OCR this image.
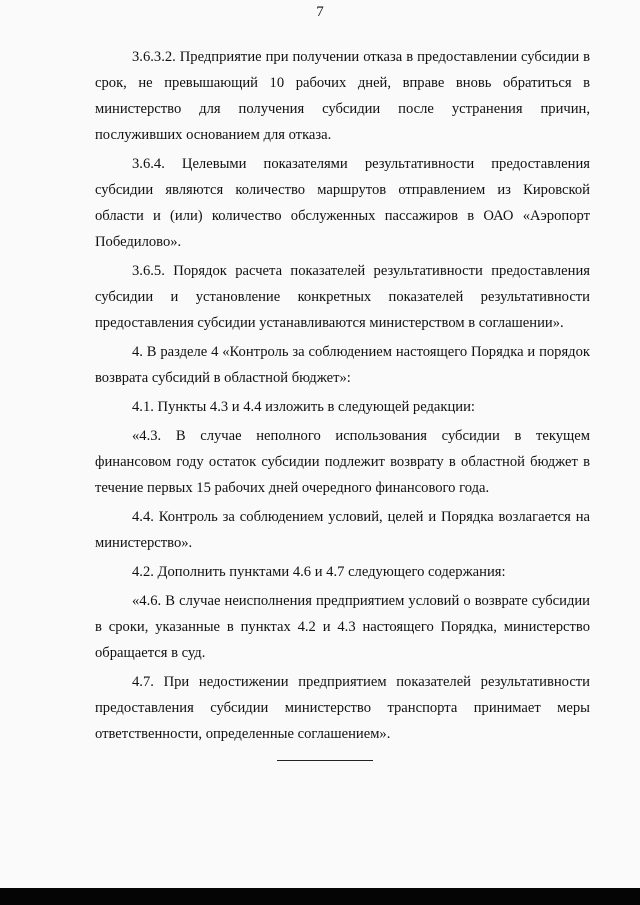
7

3.6.3.2. Предприятие при получении отказа в предоставлении субсидии в срок, не превышающий 10 рабочих дней, вправе вновь обратиться в министерство для получения субсидии после устранения причин, послуживших основанием для отказа.

3.6.4. Целевыми показателями результативности предоставления субсидии являются количество маршрутов отправлением из Кировской области и (или) количество обслуженных пассажиров в ОАО «Аэропорт Победилово».

3.6.5. Порядок расчета показателей результативности предоставления субсидии и установление конкретных показателей результативности предоставления субсидии устанавливаются министерством в соглашении».

4. В разделе 4 «Контроль за соблюдением настоящего Порядка и порядок возврата субсидий в областной бюджет»:

4.1. Пункты 4.3 и 4.4 изложить в следующей редакции:

«4.3. В случае неполного использования субсидии в текущем финансовом году остаток субсидии подлежит возврату в областной бюджет в течение первых 15 рабочих дней очередного финансового года.

4.4. Контроль за соблюдением условий, целей и Порядка возлагается на министерство».

4.2. Дополнить пунктами 4.6 и 4.7 следующего содержания:

«4.6. В случае неисполнения предприятием условий о возврате субсидии в сроки, указанные в пунктах 4.2 и 4.3 настоящего Порядка, министерство обращается в суд.

4.7. При недостижении предприятием показателей результативности предоставления субсидии министерство транспорта принимает меры ответственности, определенные соглашением».
